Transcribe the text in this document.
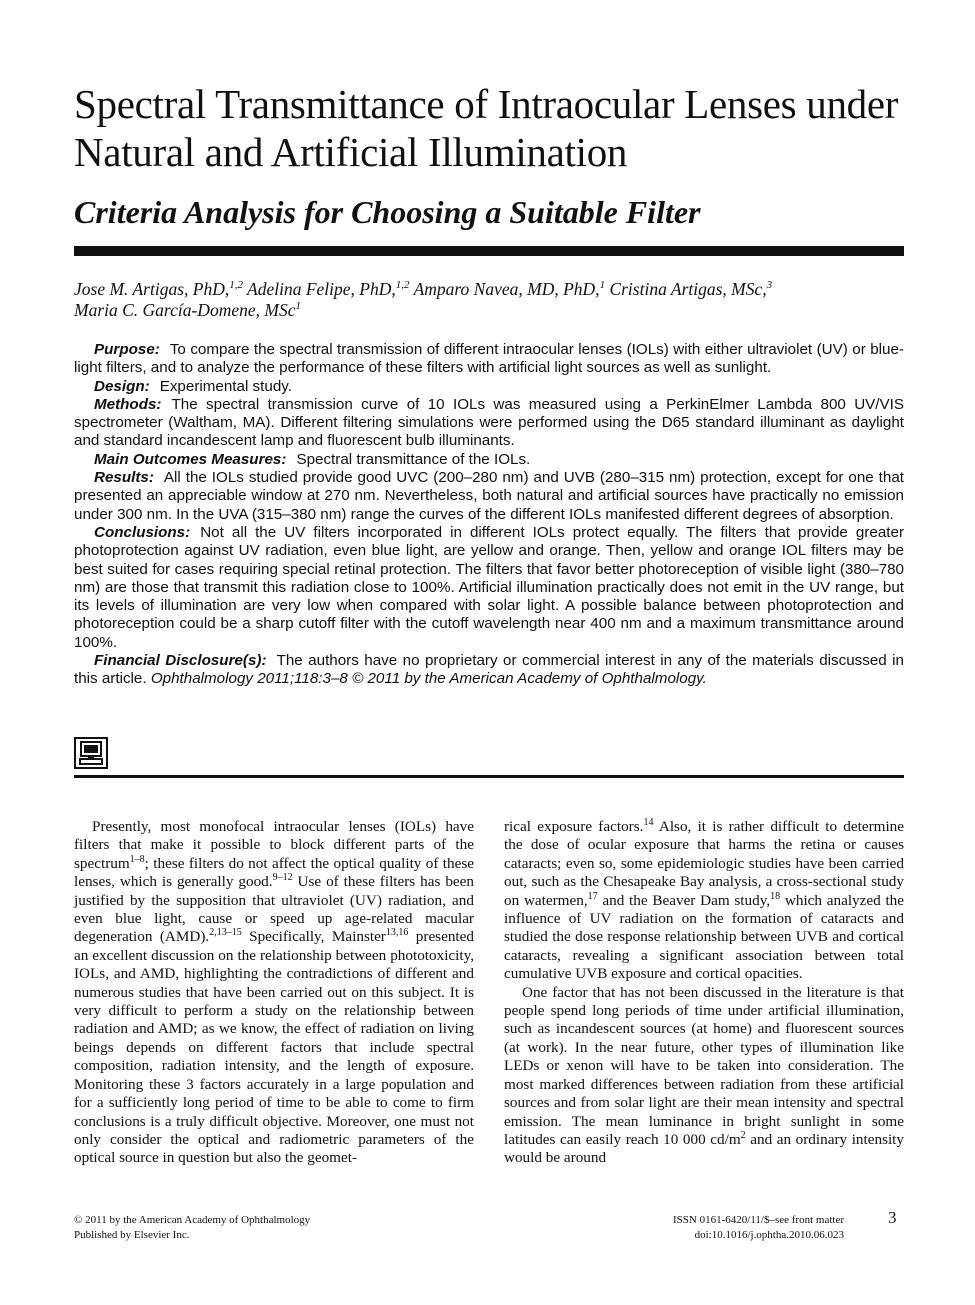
Spectral Transmittance of Intraocular Lenses under Natural and Artificial Illumination
Criteria Analysis for Choosing a Suitable Filter
Jose M. Artigas, PhD,$^{1,2}$ Adelina Felipe, PhD,$^{1,2}$ Amparo Navea, MD, PhD,$^1$ Cristina Artigas, MSc,$^3$
Maria C. García-Domene, MSc$^1$

Purpose: To compare the spectral transmission of different intraocular lenses (IOLs) with either ultraviolet (UV) or blue-light filters, and to analyze the performance of these filters with artificial light sources as well as sunlight.

Design: Experimental study.

Methods: The spectral transmission curve of 10 IOLs was measured using a PerkinElmer Lambda 800 UV/VIS spectrometer (Waltham, MA). Different filtering simulations were performed using the D65 standard illuminant as daylight and standard incandescent lamp and fluorescent bulb illuminants.

Main Outcomes Measures: Spectral transmittance of the IOLs.

Results: All the IOLs studied provide good UVC (200–280 nm) and UVB (280–315 nm) protection, except for one that presented an appreciable window at 270 nm. Nevertheless, both natural and artificial sources have practically no emission under 300 nm. In the UVA (315–380 nm) range the curves of the different IOLs manifested different degrees of absorption.

Conclusions: Not all the UV filters incorporated in different IOLs protect equally. The filters that provide greater photoprotection against UV radiation, even blue light, are yellow and orange. Then, yellow and orange IOL filters may be best suited for cases requiring special retinal protection. The filters that favor better photoreception of visible light (380–780 nm) are those that transmit this radiation close to 100%. Artificial illumination practically does not emit in the UV range, but its levels of illumination are very low when compared with solar light. A possible balance between photoprotection and photoreception could be a sharp cutoff filter with the cutoff wavelength near 400 nm and a maximum transmittance around 100%.

Financial Disclosure(s): The authors have no proprietary or commercial interest in any of the materials discussed in this article. Ophthalmology 2011;118:3–8 © 2011 by the American Academy of Ophthalmology.

Presently, most monofocal intraocular lenses (IOLs) have filters that make it possible to block different parts of the spectrum$^{1-8}$; these filters do not affect the optical quality of these lenses, which is generally good.$^{9-12}$ Use of these filters has been justified by the supposition that ultraviolet (UV) radiation, and even blue light, cause or speed up age-related macular degeneration (AMD).$^{2,13-15}$ Specifically, Mainster$^{13,16}$ presented an excellent discussion on the relationship between phototoxicity, IOLs, and AMD, highlighting the contradictions of different and numerous studies that have been carried out on this subject. It is very difficult to perform a study on the relationship between radiation and AMD; as we know, the effect of radiation on living beings depends on different factors that include spectral composition, radiation intensity, and the length of exposure. Monitoring these 3 factors accurately in a large population and for a sufficiently long period of time to be able to come to firm conclusions is a truly difficult objective. Moreover, one must not only consider the optical and radiometric parameters of the optical source in question but also the geomet-

rical exposure factors.$^{14}$ Also, it is rather difficult to determine the dose of ocular exposure that harms the retina or causes cataracts; even so, some epidemiologic studies have been carried out, such as the Chesapeake Bay analysis, a cross-sectional study on watermen,$^{17}$ and the Beaver Dam study,$^{18}$ which analyzed the influence of UV radiation on the formation of cataracts and studied the dose response relationship between UVB and cortical cataracts, revealing a significant association between total cumulative UVB exposure and cortical opacities.

One factor that has not been discussed in the literature is that people spend long periods of time under artificial illumination, such as incandescent sources (at home) and fluorescent sources (at work). In the near future, other types of illumination like LEDs or xenon will have to be taken into consideration. The most marked differences between radiation from these artificial sources and from solar light are their mean intensity and spectral emission. The mean luminance in bright sunlight in some latitudes can easily reach 10 000 $cd/m^2$ and an ordinary intensity would be around

© 2011 by the American Academy of Ophthalmology
Published by Elsevier Inc.
ISSN 0161-6420/11/$–see front matter
doi:10.1016/j.ophtha.2010.06.023
3
